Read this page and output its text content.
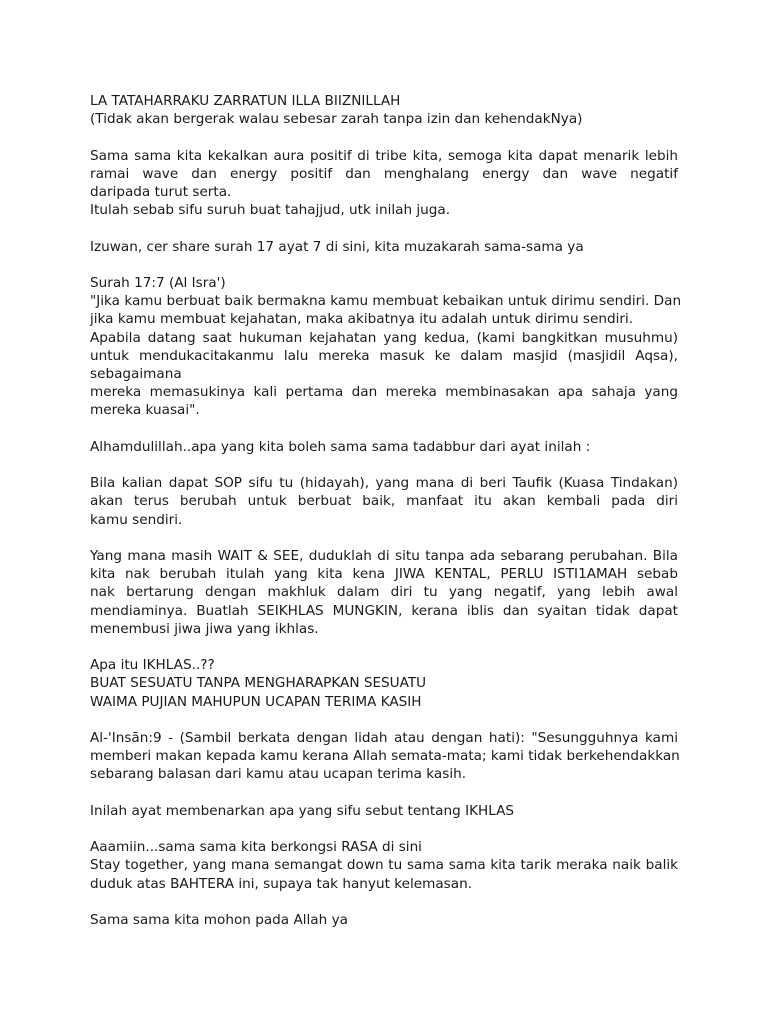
LA TATAHARRAKU ZARRATUN ILLA BIIZNILLAH
(Tidak akan bergerak walau sebesar zarah tanpa izin dan kehendakNya)
Sama sama kita kekalkan aura positif di tribe kita, semoga kita dapat menarik lebih
ramai wave dan energy positif dan menghalang energy dan wave negatif
daripada turut serta.
Itulah sebab sifu suruh buat tahajjud, utk inilah juga.
Izuwan, cer share surah 17 ayat 7 di sini, kita muzakarah sama-sama ya
Surah 17:7 (Al Isra')
"Jika kamu berbuat baik bermakna kamu membuat kebaikan untuk dirimu sendiri. Dan
jika kamu membuat kejahatan, maka akibatnya itu adalah untuk dirimu sendiri.
Apabila datang saat hukuman kejahatan yang kedua, (kami bangkitkan musuhmu)
untuk mendukacitakanmu lalu mereka masuk ke dalam masjid (masjidil Aqsa),
sebagaimana
mereka memasukinya kali pertama dan mereka membinasakan apa sahaja yang
mereka kuasai".
Alhamdulillah..apa yang kita boleh sama sama tadabbur dari ayat inilah :
Bila kalian dapat SOP sifu tu (hidayah), yang mana di beri Taufik (Kuasa Tindakan)
akan terus berubah untuk berbuat baik, manfaat itu akan kembali pada diri
kamu sendiri.
Yang mana masih WAIT & SEE, duduklah di situ tanpa ada sebarang perubahan. Bila
kita nak berubah itulah yang kita kena JIWA KENTAL, PERLU ISTI1AMAH sebab
nak bertarung dengan makhluk dalam diri tu yang negatif, yang lebih awal
mendiaminya. Buatlah SEIKHLAS MUNGKIN, kerana iblis dan syaitan tidak dapat
menembusi jiwa jiwa yang ikhlas.
Apa itu IKHLAS..??
BUAT SESUATU TANPA MENGHARAPKAN SESUATU
WAIMA PUJIAN MAHUPUN UCAPAN TERIMA KASIH
Al-'Insān:9 - (Sambil berkata dengan lidah atau dengan hati): "Sesungguhnya kami
memberi makan kepada kamu kerana Allah semata-mata; kami tidak berkehendakkan
sebarang balasan dari kamu atau ucapan terima kasih.
Inilah ayat membenarkan apa yang sifu sebut tentang IKHLAS
Aaamiin...sama sama kita berkongsi RASA di sini
Stay together, yang mana semangat down tu sama sama kita tarik meraka naik balik
duduk atas BAHTERA ini, supaya tak hanyut kelemasan.
Sama sama kita mohon pada Allah ya
